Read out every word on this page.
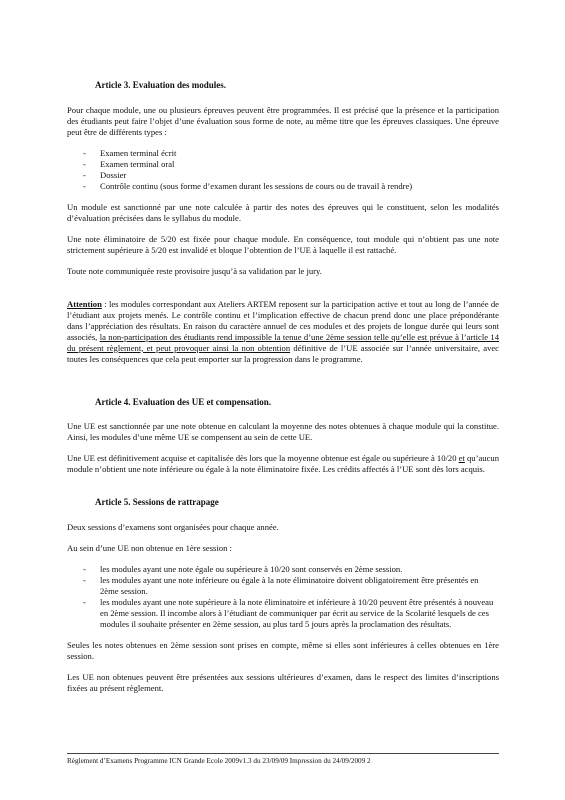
Article 3. Evaluation des modules.

Pour chaque module, une ou plusieurs épreuves peuvent être programmées. Il est précisé que la présence et la participation des étudiants peut faire l’objet d’une évaluation sous forme de note, au même titre que les épreuves classiques. Une épreuve peut être de différents types :

- Examen terminal écrit
- Examen terminal oral
- Dossier
- Contrôle continu (sous forme d’examen durant les sessions de cours ou de travail à rendre)

Un module est sanctionné par une note calculée à partir des notes des épreuves qui le constituent, selon les modalités d’évaluation précisées dans le syllabus du module.

Une note éliminatoire de 5/20 est fixée pour chaque module. En conséquence, tout module qui n’obtient pas une note strictement supérieure à 5/20 est invalidé et bloque l’obtention de l’UE à laquelle il est rattaché.

Toute note communiquée reste provisoire jusqu’à sa validation par le jury.

Attention : les modules correspondant aux Ateliers ARTEM reposent sur la participation active et tout au long de l’année de l’étudiant aux projets menés. Le contrôle continu et l’implication effective de chacun prend donc une place prépondérante dans l’appréciation des résultats. En raison du caractère annuel de ces modules et des projets de longue durée qui leurs sont associés, la non-participation des étudiants rend impossible la tenue d’une 2ème session telle qu’elle est prévue à l’article 14 du présent règlement, et peut provoquer ainsi la non obtention définitive de l’UE associée sur l’année universitaire, avec toutes les conséquences que cela peut emporter sur la progression dans le programme.

Article 4. Evaluation des UE et compensation.

Une UE est sanctionnée par une note obtenue en calculant la moyenne des notes obtenues à chaque module qui la constitue. Ainsi, les modules d’une même UE se compensent au sein de cette UE.

Une UE est définitivement acquise et capitalisée dès lors que la moyenne obtenue est égale ou supérieure à 10/20 et qu’aucun module n’obtient une note inférieure ou égale à la note éliminatoire fixée. Les crédits affectés à l’UE sont dès lors acquis.

Article 5. Sessions de rattrapage

Deux sessions d’examens sont organisées pour chaque année.

Au sein d’une UE non obtenue en 1ère session :

- les modules ayant une note égale ou supérieure à 10/20 sont conservés en 2ème session.
- les modules ayant une note inférieure ou égale à la note éliminatoire doivent obligatoirement être présentés en 2ème session.
- les modules ayant une note supérieure à la note éliminatoire et inférieure à 10/20 peuvent être présentés à nouveau en 2ème session. Il incombe alors à l’étudiant de communiquer par écrit au service de la Scolarité lesquels de ces modules il souhaite présenter en 2ème session, au plus tard 5 jours après la proclamation des résultats.

Seules les notes obtenues en 2ème session sont prises en compte, même si elles sont inférieures à celles obtenues en 1ère session.

Les UE non obtenues peuvent être présentées aux sessions ultérieures d’examen, dans le respect des limites d’inscriptions fixées au présent règlement.

Règlement d’Examens Programme ICN Grande Ecole 2009v1.3 du 23/09/09 Impression du 24/09/2009 2
